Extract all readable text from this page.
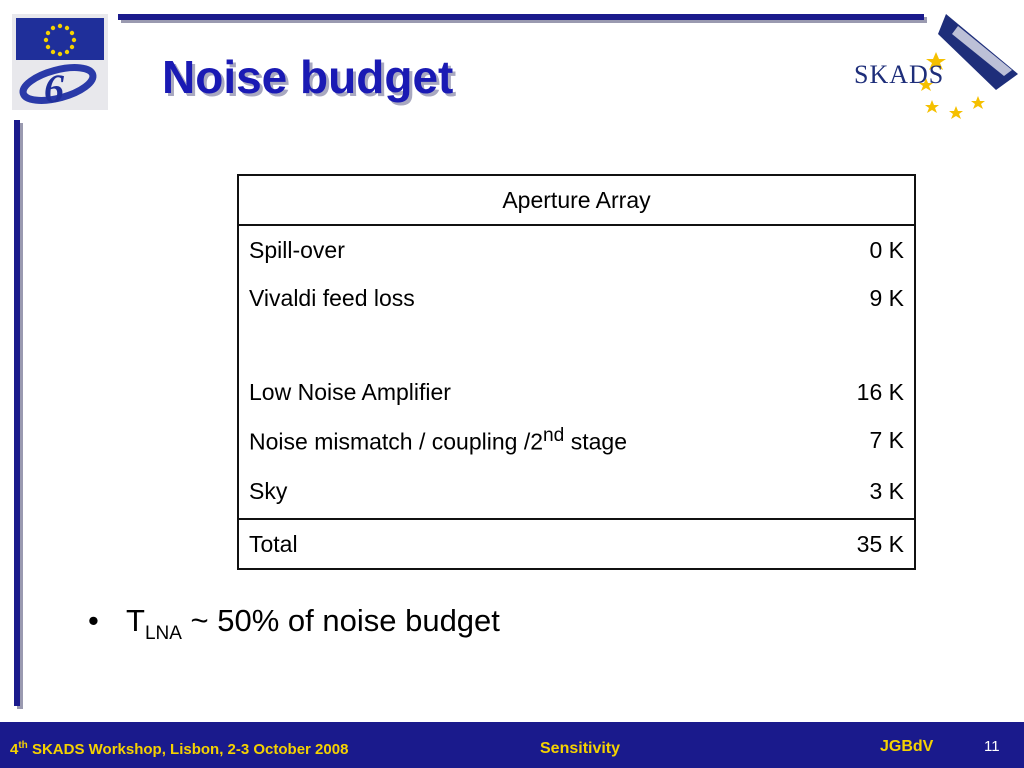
6	SKADS
Noise budget
Aperture Array	
Spill-over	0 K
Vivaldi feed loss	9 K

Low Noise Amplifier	16 K
Noise mismatch / coupling /2nd stage	7 K
Sky	3 K
Total	35 K
• $T_{LNA}$ ~ 50% of noise budget
4th SKADS Workshop, Lisbon, 2-3 October 2008	Sensitivity	JGBdV	11
